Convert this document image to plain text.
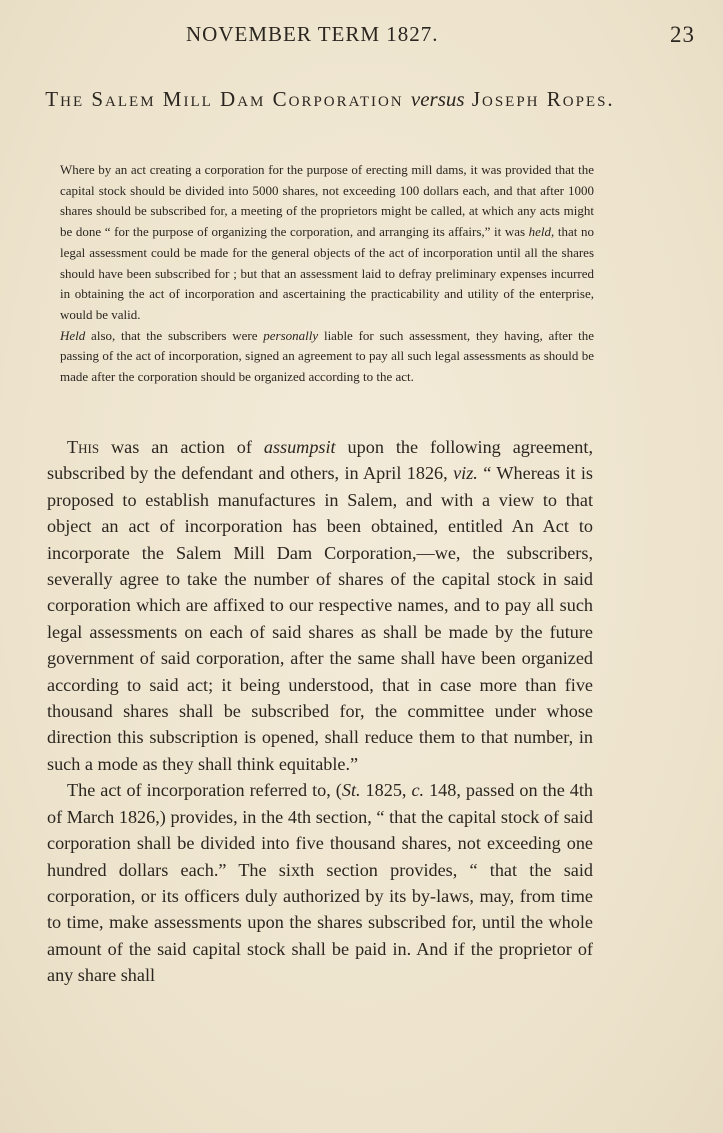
NOVEMBER TERM 1827.	23
The Salem Mill Dam Corporation versus Joseph Ropes.

Where by an act creating a corporation for the purpose of erecting mill dams, it was provided that the capital stock should be divided into 5000 shares, not exceeding 100 dollars each, and that after 1000 shares should be subscribed for, a meeting of the proprietors might be called, at which any acts might be done “ for the purpose of organizing the corporation, and arranging its affairs,” it was held, that no legal assessment could be made for the general objects of the act of incorporation until all the shares should have been subscribed for ; but that an assessment laid to defray preliminary expenses incurred in obtaining the act of incorporation and ascertaining the practicability and utility of the enterprise, would be valid.

Held also, that the subscribers were personally liable for such assessment, they having, after the passing of the act of incorporation, signed an agreement to pay all such legal assessments as should be made after the corporation should be organized according to the act.

This was an action of assumpsit upon the following agreement, subscribed by the defendant and others, in April 1826, viz. “ Whereas it is proposed to establish manufactures in Salem, and with a view to that object an act of incorporation has been obtained, entitled An Act to incorporate the Salem Mill Dam Corporation,—we, the subscribers, severally agree to take the number of shares of the capital stock in said corporation which are affixed to our respective names, and to pay all such legal assessments on each of said shares as shall be made by the future government of said corporation, after the same shall have been organized according to said act; it being understood, that in case more than five thousand shares shall be subscribed for, the committee under whose direction this subscription is opened, shall reduce them to that number, in such a mode as they shall think equitable.”

The act of incorporation referred to, (St. 1825, c. 148, passed on the 4th of March 1826,) provides, in the 4th section, “ that the capital stock of said corporation shall be divided into five thousand shares, not exceeding one hundred dollars each.” The sixth section provides, “ that the said corporation, or its officers duly authorized by its by-laws, may, from time to time, make assessments upon the shares subscribed for, until the whole amount of the said capital stock shall be paid in. And if the proprietor of any share shall
